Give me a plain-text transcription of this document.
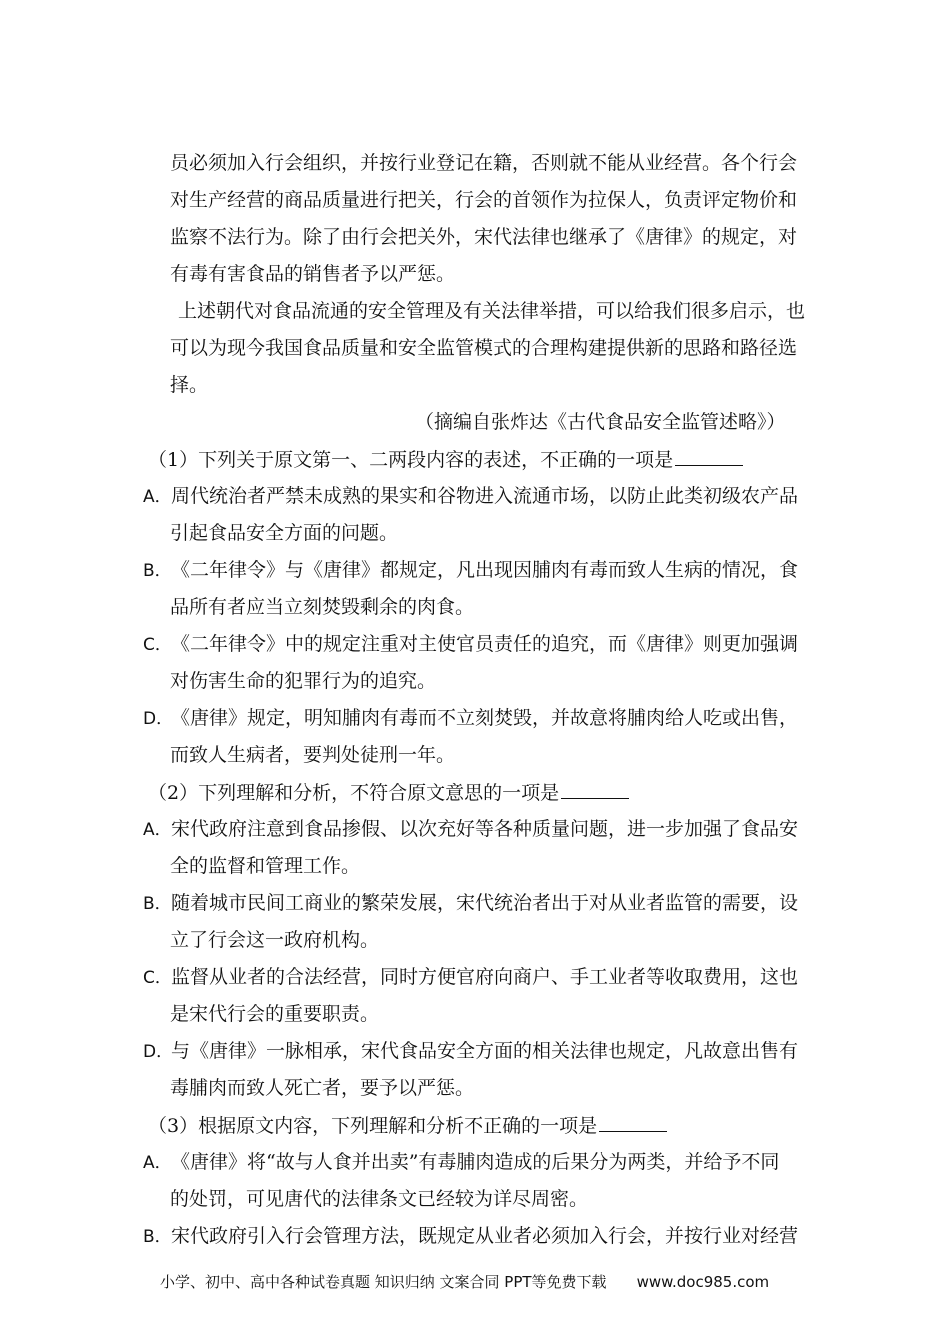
员必须加入行会组织，并按行业登记在籍，否则就不能从业经营。各个行会
对生产经营的商品质量进行把关，行会的首领作为拉保人，负责评定物价和
监察不法行为。除了由行会把关外，宋代法律也继承了《唐律》的规定，对
有毒有害食品的销售者予以严惩。
上述朝代对食品流通的安全管理及有关法律举措，可以给我们很多启示，也
可以为现今我国食品质量和安全监管模式的合理构建提供新的思路和路径选
择。
（摘编自张炸达《古代食品安全监管述略》）
（1）下列关于原文第一、二两段内容的表述，不正确的一项是
A．周代统治者严禁未成熟的果实和谷物进入流通市场，以防止此类初级农产品
引起食品安全方面的问题。
B．《二年律令》与《唐律》都规定，凡出现因脯肉有毒而致人生病的情况，食
品所有者应当立刻焚毁剩余的肉食。
C．《二年律令》中的规定注重对主使官员责任的追究，而《唐律》则更加强调
对伤害生命的犯罪行为的追究。
D．《唐律》规定，明知脯肉有毒而不立刻焚毁，并故意将脯肉给人吃或出售，
而致人生病者，要判处徒刑一年。
（2）下列理解和分析，不符合原文意思的一项是
A．宋代政府注意到食品掺假、以次充好等各种质量问题，进一步加强了食品安
全的监督和管理工作。
B．随着城市民间工商业的繁荣发展，宋代统治者出于对从业者监管的需要，设
立了行会这一政府机构。
C．监督从业者的合法经营，同时方便官府向商户、手工业者等收取费用，这也
是宋代行会的重要职责。
D．与《唐律》一脉相承，宋代食品安全方面的相关法律也规定，凡故意出售有
毒脯肉而致人死亡者，要予以严惩。
（3）根据原文内容，下列理解和分析不正确的一项是
A．《唐律》将“故与人食并出卖”有毒脯肉造成的后果分为两类，并给予不同
的处罚，可见唐代的法律条文已经较为详尽周密。
B．宋代政府引入行会管理方法，既规定从业者必须加入行会，并按行业对经营
小学、初中、高中各种试卷真题 知识归纳 文案合同 PPT等免费下载 www.doc985.com
